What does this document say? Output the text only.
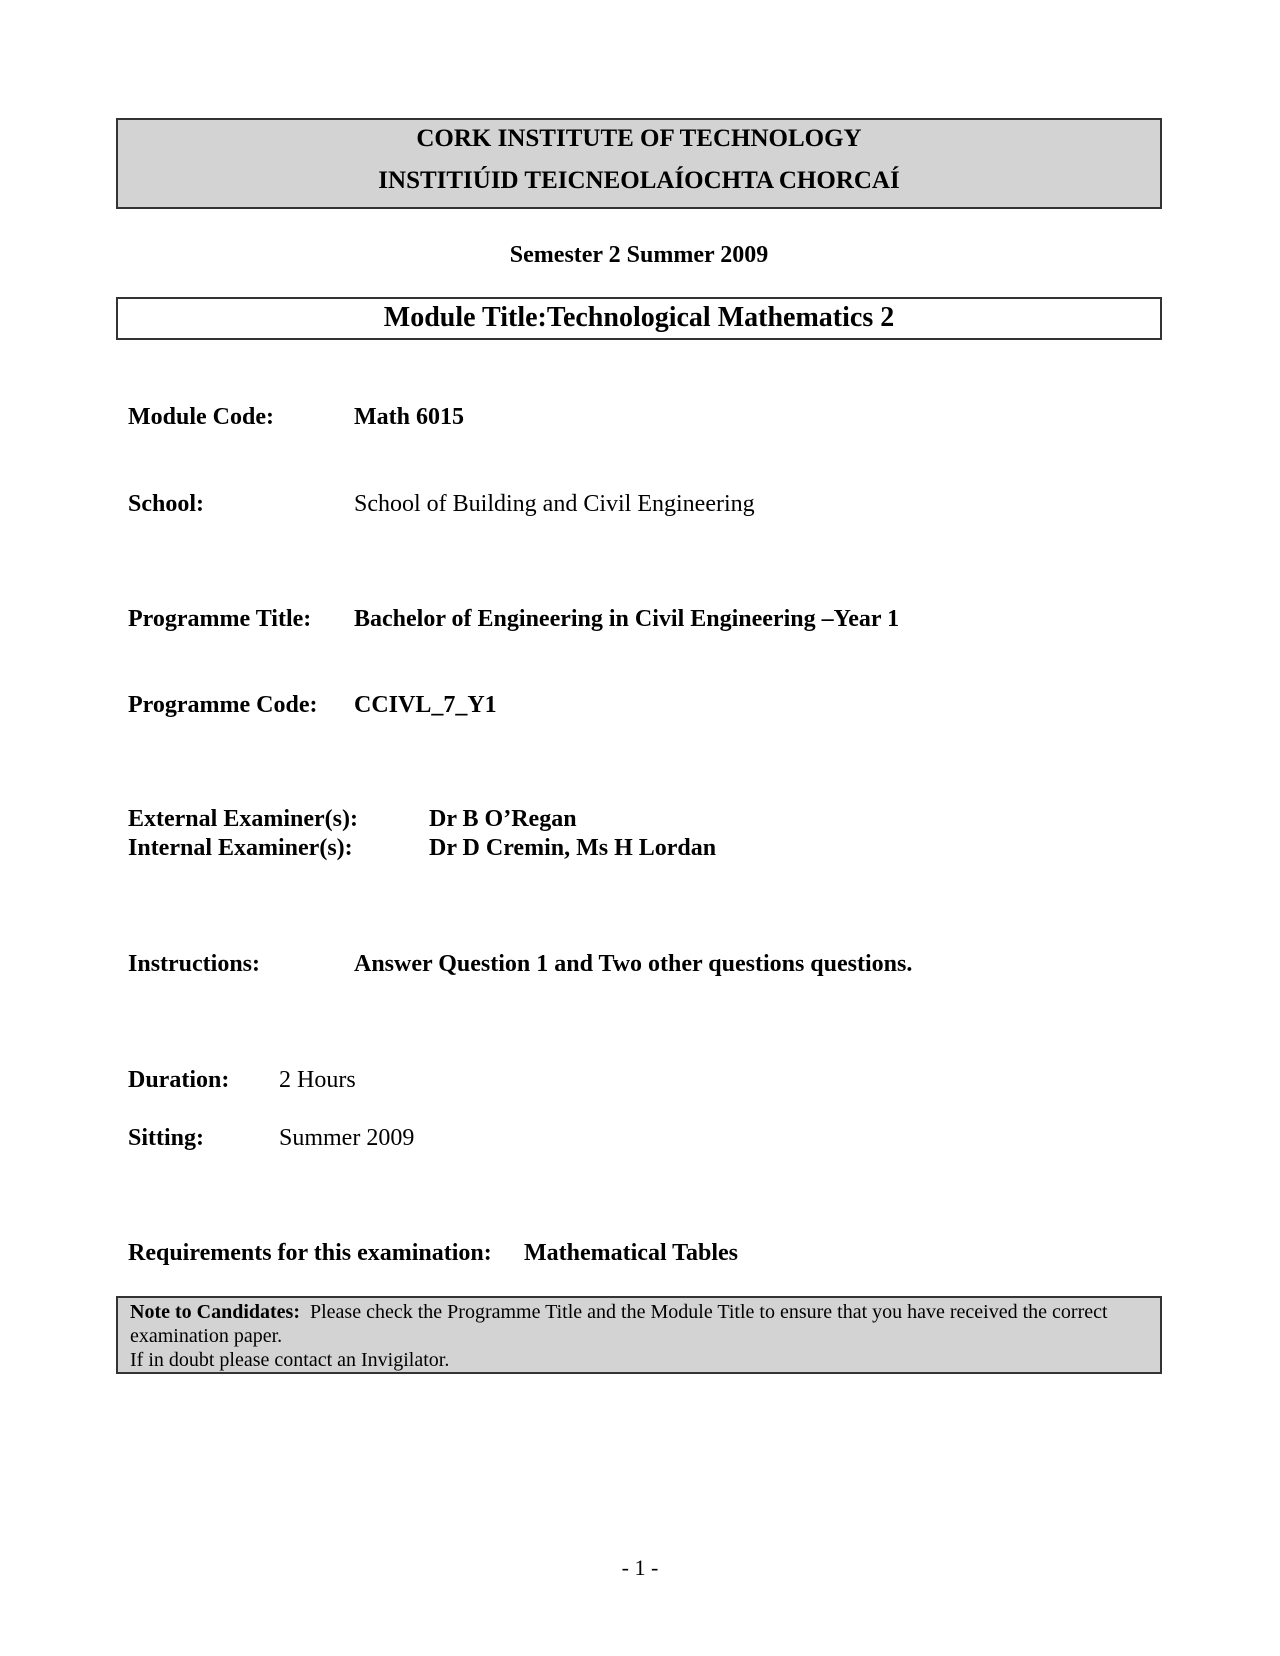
CORK INSTITUTE OF TECHNOLOGY
INSTITIÚID TEICNEOLAÍOCHTA CHORCAÍ
Semester 2 Summer 2009
Module Title:Technological Mathematics 2
Module Code:	Math 6015
School:	School of Building and Civil Engineering
Programme Title: Bachelor of Engineering in Civil Engineering –Year 1
Programme Code: CCIVL_7_Y1
External Examiner(s):	Dr B O’Regan
Internal Examiner(s):	Dr D Cremin, Ms H Lordan
Instructions:	Answer Question 1 and Two other questions questions.
Duration: 2 Hours
Sitting:	Summer 2009
Requirements for this examination: Mathematical Tables
Note to Candidates: Please check the Programme Title and the Module Title to ensure that you have received the correct examination paper.
If in doubt please contact an Invigilator.
- 1 -
